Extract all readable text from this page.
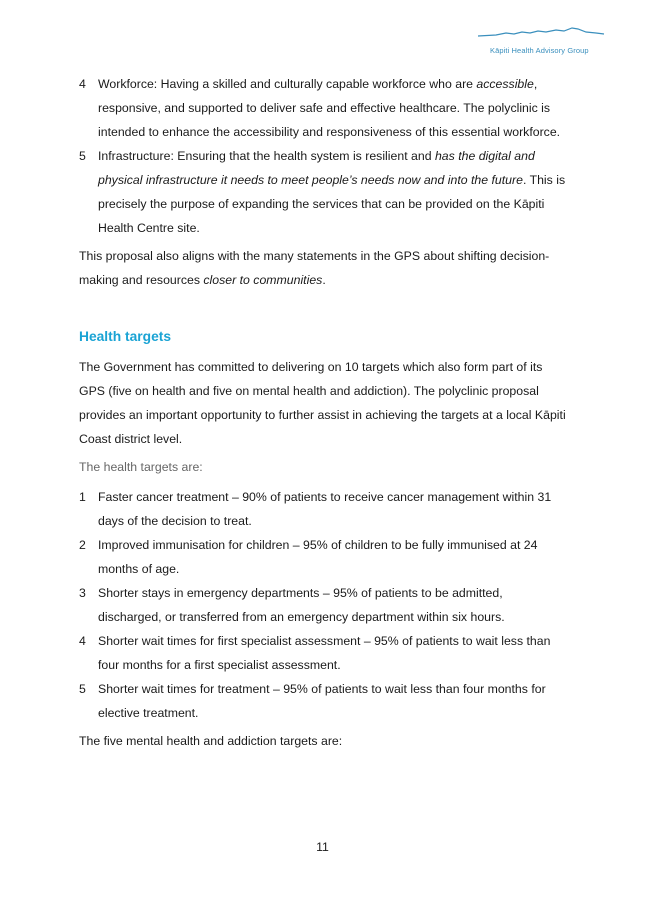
Kāpiti Health Advisory Group
4 Workforce: Having a skilled and culturally capable workforce who are accessible, responsive, and supported to deliver safe and effective healthcare. The polyclinic is intended to enhance the accessibility and responsiveness of this essential workforce.
5 Infrastructure: Ensuring that the health system is resilient and has the digital and physical infrastructure it needs to meet people’s needs now and into the future. This is precisely the purpose of expanding the services that can be provided on the Kāpiti Health Centre site.

This proposal also aligns with the many statements in the GPS about shifting decision-making and resources closer to communities.

Health targets

The Government has committed to delivering on 10 targets which also form part of its GPS (five on health and five on mental health and addiction). The polyclinic proposal provides an important opportunity to further assist in achieving the targets at a local Kāpiti Coast district level.

The health targets are:

1 Faster cancer treatment – 90% of patients to receive cancer management within 31 days of the decision to treat.
2 Improved immunisation for children – 95% of children to be fully immunised at 24 months of age.
3 Shorter stays in emergency departments – 95% of patients to be admitted, discharged, or transferred from an emergency department within six hours.
4 Shorter wait times for first specialist assessment – 95% of patients to wait less than four months for a first specialist assessment.
5 Shorter wait times for treatment – 95% of patients to wait less than four months for elective treatment.

The five mental health and addiction targets are:

11
